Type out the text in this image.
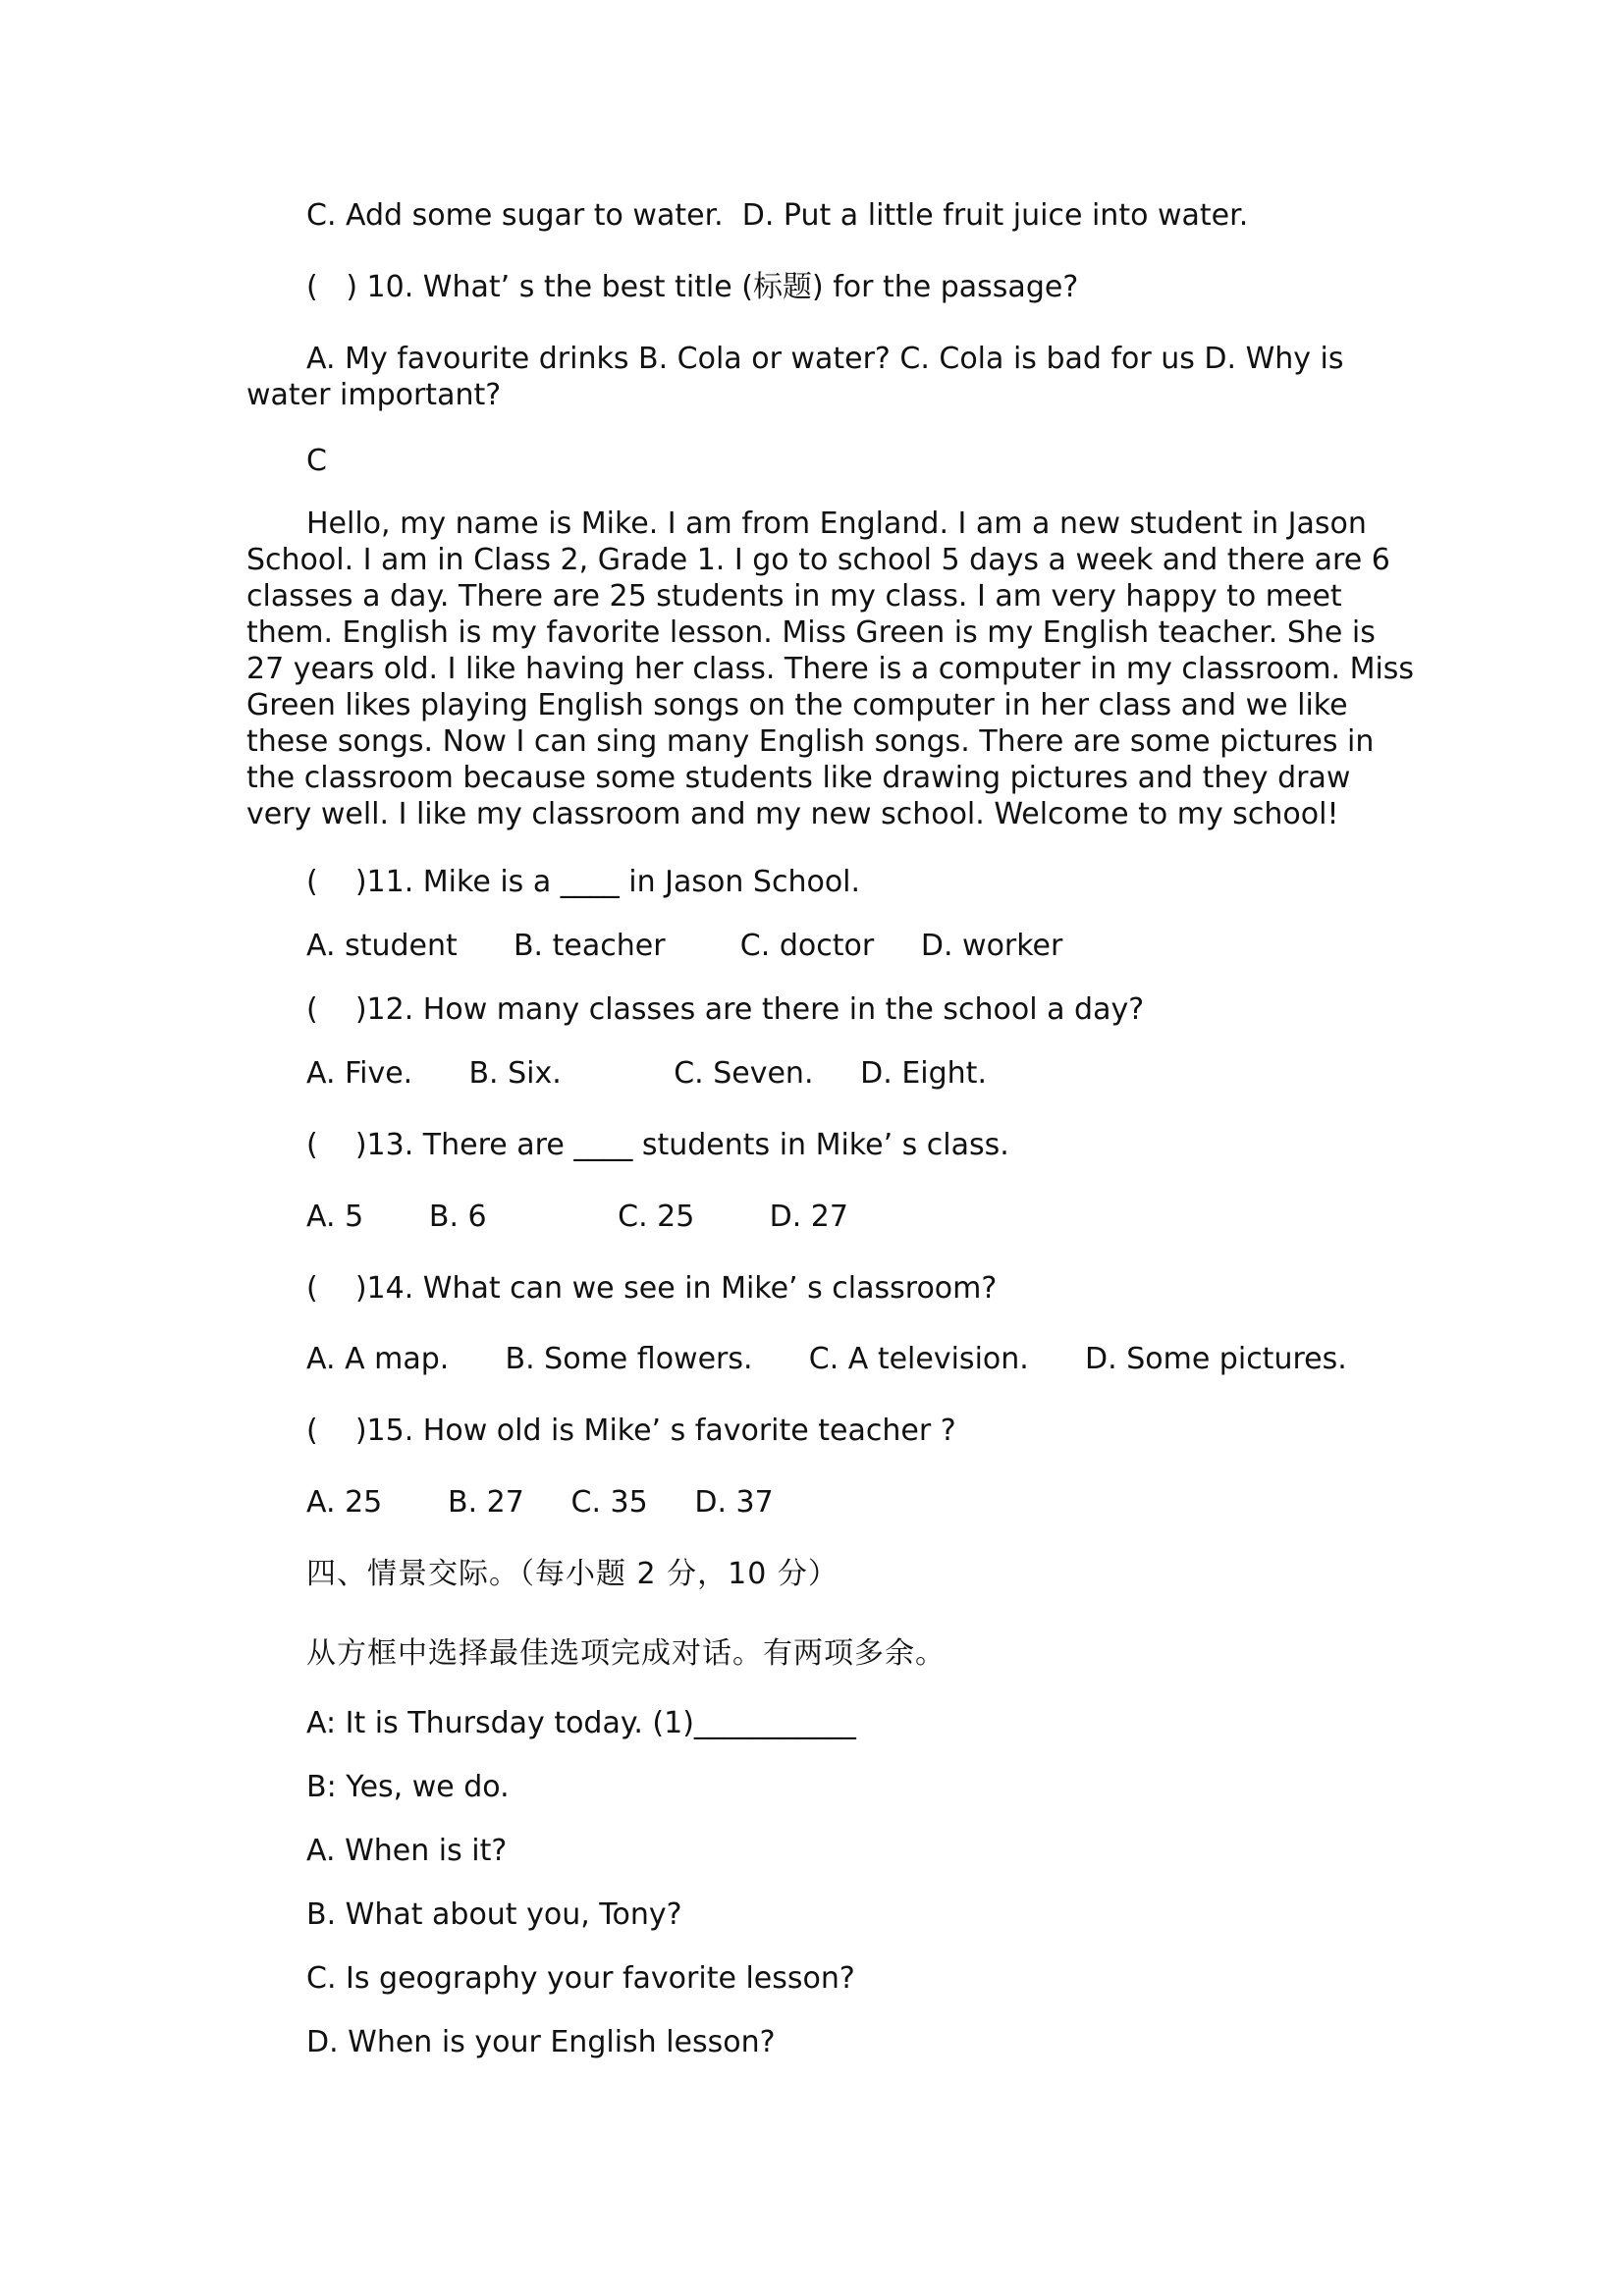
C. Add some sugar to water.  D. Put a little fruit juice into water.

(   ) 10. What’ s the best title (标题) for the passage?

A. My favourite drinks B. Cola or water? C. Cola is bad for us D. Why is water important?

C

Hello, my name is Mike. I am from England. I am a new student in Jason School. I am in Class 2, Grade 1. I go to school 5 days a week and there are 6 classes a day. There are 25 students in my class. I am very happy to meet them. English is my favorite lesson. Miss Green is my English teacher. She is 27 years old. I like having her class. There is a computer in my classroom. Miss Green likes playing English songs on the computer in her class and we like these songs. Now I can sing many English songs. There are some pictures in the classroom because some students like drawing pictures and they draw very well. I like my classroom and my new school. Welcome to my school!

(    )11. Mike is a ____ in Jason School.

A. student      B. teacher        C. doctor     D. worker

(    )12. How many classes are there in the school a day?

A. Five.      B. Six.            C. Seven.     D. Eight.

(    )13. There are ____ students in Mike’ s class.

A. 5       B. 6              C. 25        D. 27

(    )14. What can we see in Mike’ s classroom?

A. A map.      B. Some flowers.      C. A television.      D. Some pictures.

(    )15. How old is Mike’ s favorite teacher ?

A. 25       B. 27     C. 35     D. 37

四、情景交际。（每小题 2 分，10 分）

从方框中选择最佳选项完成对话。有两项多余。

A: It is Thursday today. (1)___________

B: Yes, we do.

A. When is it?

B. What about you, Tony?

C. Is geography your favorite lesson?

D. When is your English lesson?
